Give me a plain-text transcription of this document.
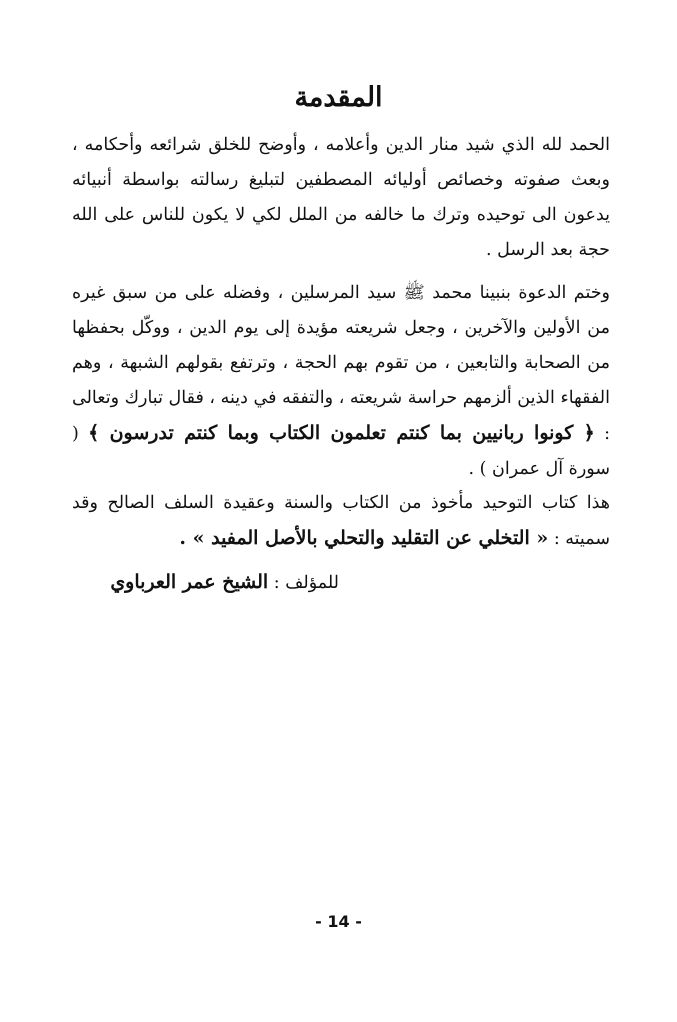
المقدمة

الحمد لله الذي شيد منار الدين وأعلامه ، وأوضح للخلق شرائعه وأحكامه ، وبعث صفوته وخصائص أوليائه المصطفين لتبليغ رسالته بواسطة أنبيائه يدعون الى توحيده وترك ما خالفه من الملل لكي لا يكون للناس على الله حجة بعد الرسل .

وختم الدعوة بنبينا محمد ﷺ سيد المرسلين ، وفضله على من سبق غيره من الأولين والآخرين ، وجعل شريعته مؤيدة إلى يوم الدين ، ووكّل بحفظها من الصحابة والتابعين ، من تقوم بهم الحجة ، وترتفع بقولهم الشبهة ، وهم الفقهاء الذين ألزمهم حراسة شريعته ، والتفقه في دينه ، فقال تبارك وتعالى : ﴿ كونوا ربانيين بما كنتم تعلمون الكتاب وبما كنتم تدرسون ﴾ ( سورة آل عمران ) .

هذا كتاب التوحيد مأخوذ من الكتاب والسنة وعقيدة السلف الصالح وقد سميته : « التخلي عن التقليد والتحلي بالأصل المفيد » .

للمؤلف : الشيخ عمر العرباوي
- 14 -
